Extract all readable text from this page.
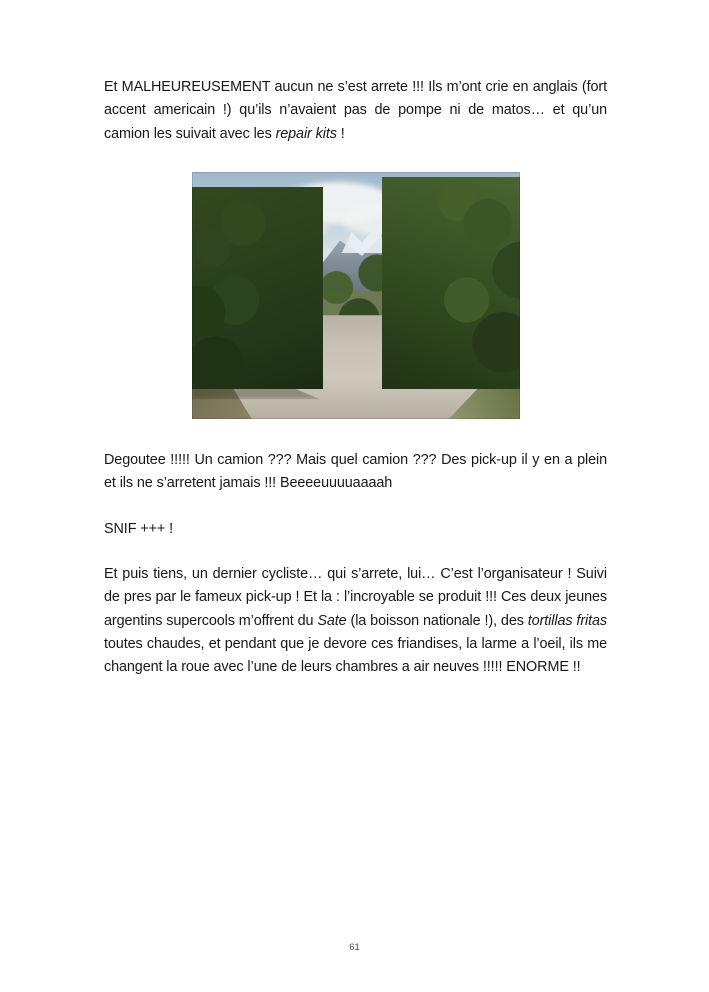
Et MALHEUREUSEMENT aucun ne s’est arrete !!! Ils m’ont crie en anglais (fort accent americain !) qu’ils n’avaient pas de pompe ni de matos… et qu’un camion les suivait avec les repair kits !

Degoutee !!!!! Un camion ??? Mais quel camion ??? Des pick-up il y en a plein et ils ne s’arretent jamais !!! Beeeeuuuuaaaah

SNIF +++ !

Et puis tiens, un dernier cycliste… qui s’arrete, lui… C’est l’organisateur ! Suivi de pres par le fameux pick-up ! Et la : l’incroyable se produit !!! Ces deux jeunes argentins supercools m’offrent du Sate (la boisson nationale !), des tortillas fritas toutes chaudes, et pendant que je devore ces friandises, la larme a l’oeil, ils me changent la roue avec l’une de leurs chambres a air neuves !!!!! ENORME !!

61
